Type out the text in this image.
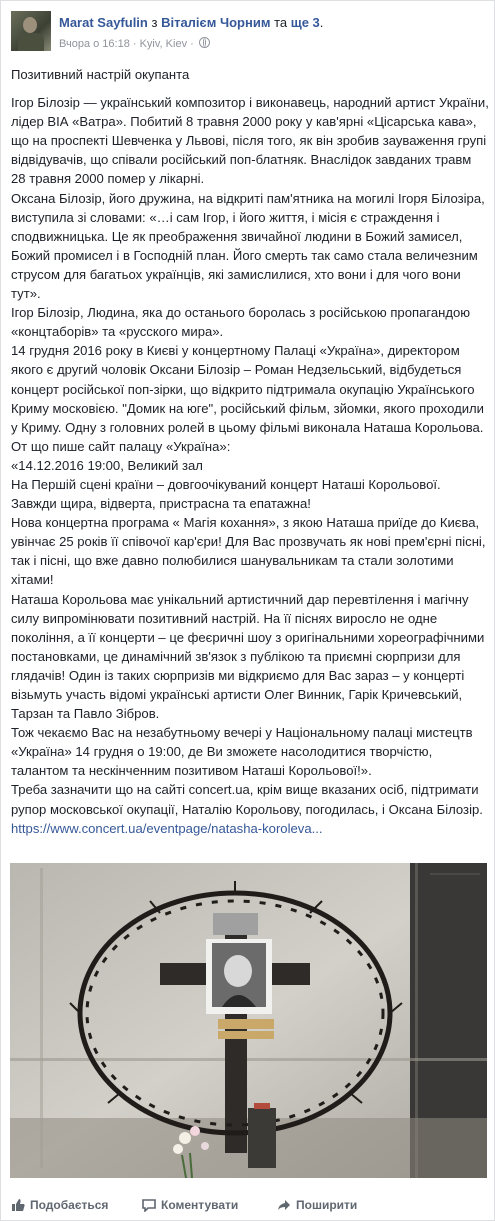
Marat Sayfulin з Віталієм Чорним та ще 3.
Вчора о 16:18 · Kyiv, Kiev ·

Позитивний настрій окупанта

Ігор Білозір — український композитор і виконавець, народний артист України, лідер ВІА «Ватра». Побитий 8 травня 2000 року у кав'ярні «Цісарська кава», що на проспекті Шевченка у Львові, після того, як він зробив зауваження групі відвідувачів, що співали російський поп-блатняк. Внаслідок завданих травм 28 травня 2000 помер у лікарні.

Оксана Білозір, його дружина, на відкриті пам'ятника на могилі Ігоря Білозіра, виступила зі словами: «…і сам Ігор, і його життя, і місія є страждення і сподвижницька. Це як преображення звичайної людини в Божий замисел, Божий промисел і в Господній план. Його смерть так само стала величезним струсом для багатьох українців, які замислилися, хто вони і для чого вони тут».

Ігор Білозір, Людина, яка до останього боролась з російською пропагандою «концтаборів» та «русского мира».

14 грудня 2016 року в Києві у концертному Палаці «Україна», директором якого є другий чоловік Оксани Білозір – Роман Недзельський, відбудеться концерт російської поп-зірки, що відкрито підтримала окупацію Українського Криму московією. "Домик на юге", російський фільм, зйомки, якого проходили у Криму. Одну з головних ролей в цьому фільмі виконала Наташа Корольова.

От що пише сайт палацу «Україна»:

«14.12.2016 19:00, Великий зал

На Першій сцені країни – довгоочікуваний концерт Наташі Корольової. Завжди щира, відверта, пристрасна та епатажна!

Нова концертна програма « Магія кохання», з якою Наташа приїде до Києва, увінчає 25 років її співочої кар'єри! Для Вас прозвучать як нові прем'єрні пісні, так і пісні, що вже давно полюбилися шанувальникам та стали золотими хітами!

Наташа Корольова має унікальний артистичний дар перевтілення і магічну силу випромінювати позитивний настрій. На її піснях виросло не одне покоління, а її концерти – це феєричні шоу з оригінальними хореографічними постановками, це динамічний зв'язок з публікою та приємні сюрпризи для глядачів! Один із таких сюрпризів ми відкриємо для Вас зараз – у концерті візьмуть участь відомі українські артисти Олег Винник, Гарік Кричевський, Тарзан та Павло Зібров.

Тож чекаємо Вас на незабутньому вечері у Національному палаці мистецтв «Україна» 14 грудня о 19:00, де Ви зможете насолодитися творчістю, талантом та нескінченним позитивом Наташі Корольової!».

Треба зазначити що на сайті concert.ua, крім вище вказаних осіб, підтримати рупор московської окупації, Наталію Корольову, погодилась, і Оксана Білозір. https://www.concert.ua/eventpage/natasha-koroleva...

Подобається	Коментувати	Поширити
